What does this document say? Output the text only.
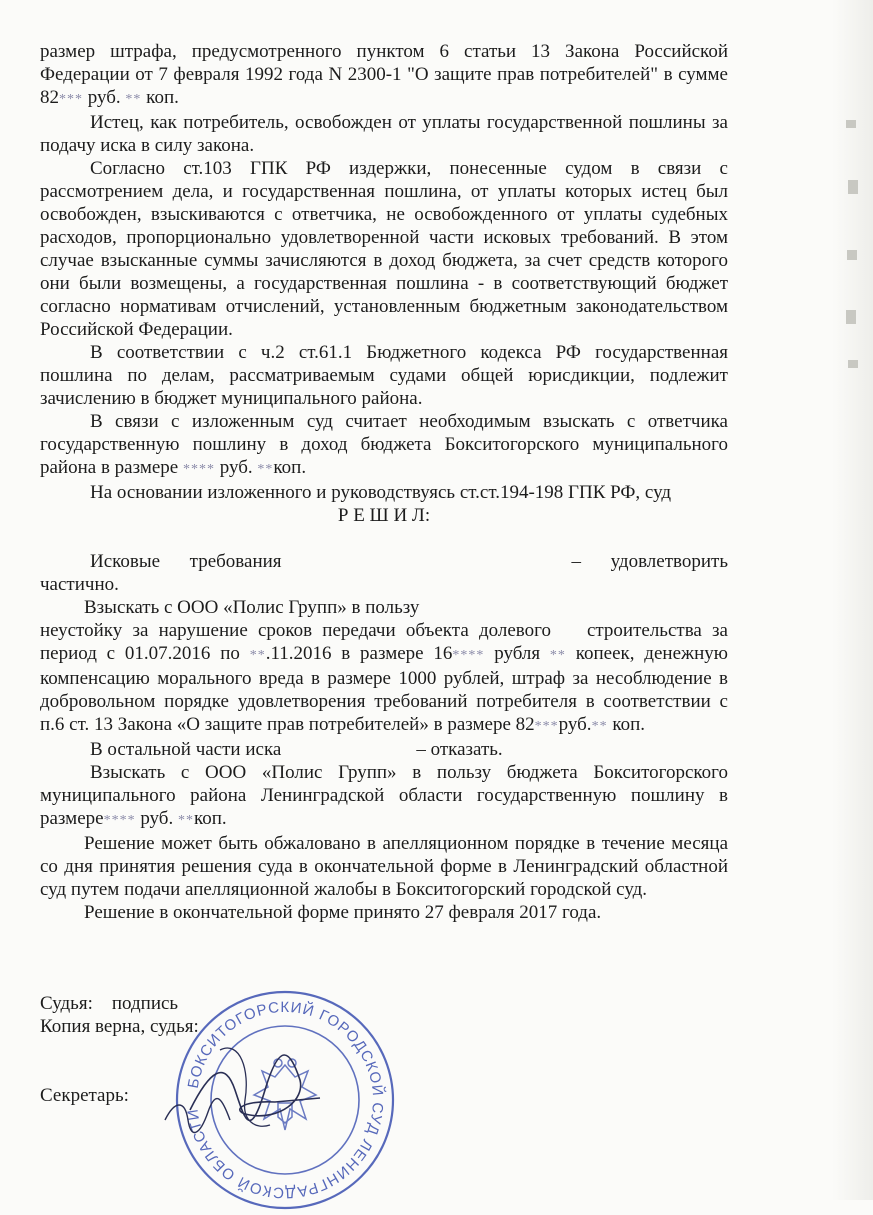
размер штрафа, предусмотренного пунктом 6 статьи 13 Закона Российской Федерации от 7 февраля 1992 года N 2300-1 "О защите прав потребителей" в сумме 82*** руб. ** коп.

Истец, как потребитель, освобожден от уплаты государственной пошлины за подачу иска в силу закона.

Согласно ст.103 ГПК РФ издержки, понесенные судом в связи с рассмотрением дела, и государственная пошлина, от уплаты которых истец был освобожден, взыскиваются с ответчика, не освобожденного от уплаты судебных расходов, пропорционально удовлетворенной части исковых требований. В этом случае взысканные суммы зачисляются в доход бюджета, за счет средств которого они были возмещены, а государственная пошлина - в соответствующий бюджет согласно нормативам отчислений, установленным бюджетным законодательством Российской Федерации.

В соответствии с ч.2 ст.61.1 Бюджетного кодекса РФ государственная пошлина по делам, рассматриваемым судами общей юрисдикции, подлежит зачислению в бюджет муниципального района.

В связи с изложенным суд считает необходимым взыскать с ответчика государственную пошлину в доход бюджета Бокситогорского муниципального района в размере **** руб. **коп.

На основании изложенного и руководствуясь ст.ст.194-198 ГПК РФ, суд

Р Е Ш И Л:

Исковые требования	– удовлетворить частично.

Взыскать с ООО «Полис Групп» в пользу
неустойку за нарушение сроков передачи объекта долевого строительства за период с 01.07.2016 по **.11.2016 в размере 16**** рубля ** копеек, денежную компенсацию морального вреда в размере 1000 рублей, штраф за несоблюдение в добровольном порядке удовлетворения требований потребителя в соответствии с п.6 ст. 13 Закона «О защите прав потребителей» в размере 82***руб.** коп.

В остальной части иска	– отказать.

Взыскать с ООО «Полис Групп» в пользу бюджета Бокситогорского муниципального района Ленинградской области государственную пошлину в размере**** руб. **коп.

Решение может быть обжаловано в апелляционном порядке в течение месяца со дня принятия решения суда в окончательной форме в Ленинградский областной суд путем подачи апелляционной жалобы в Бокситогорский городской суд.

Решение в окончательной форме принято 27 февраля 2017 года.

Судья: подпись

Копия верна, судья:

Секретарь:

БОКСИТОГОРСКИЙ ГОРОДСКОЙ СУД ЛЕНИНГРАДСКОЙ ОБЛАСТИ
